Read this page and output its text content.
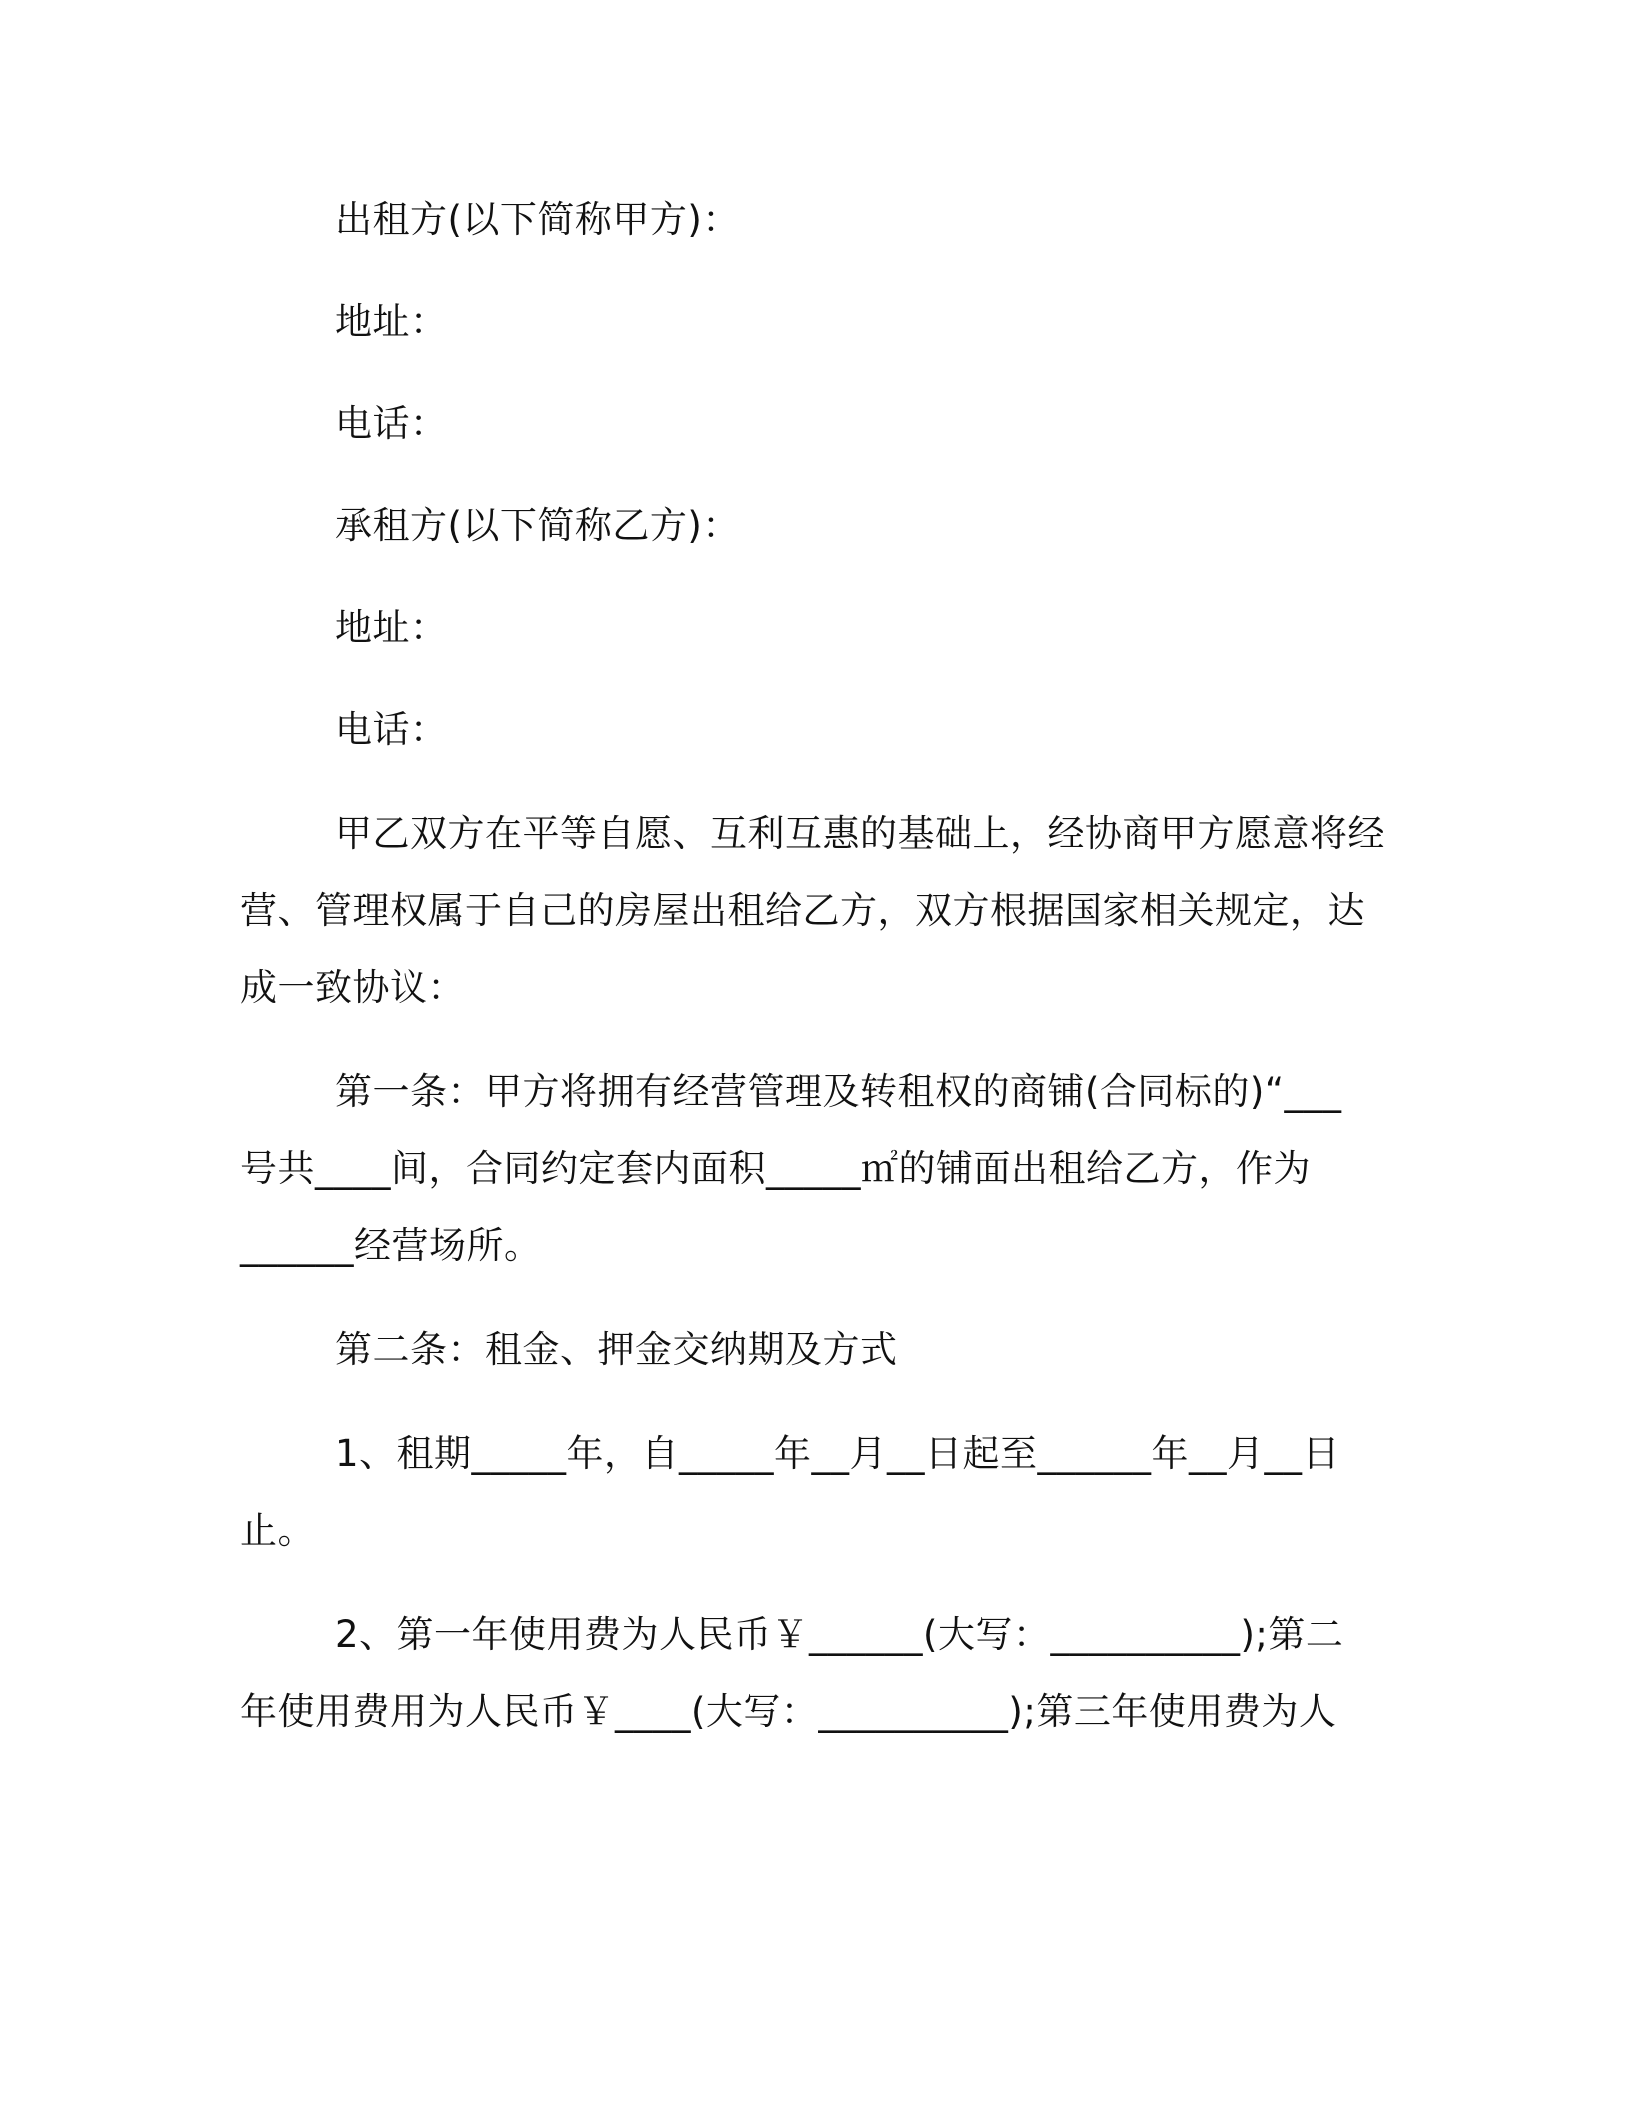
出租方(以下简称甲方)：
地址：
电话：
承租方(以下简称乙方)：
地址：
电话：
甲乙双方在平等自愿、互利互惠的基础上，经协商甲方愿意将经
营、管理权属于自己的房屋出租给乙方，双方根据国家相关规定，达
成一致协议：
第一条：甲方将拥有经营管理及转租权的商铺(合同标的)“___
号共____间，合同约定套内面积_____㎡的铺面出租给乙方，作为
______经营场所。
第二条：租金、押金交纳期及方式
1、租期_____年，自_____年__月__日起至______年__月__日
止。
2、第一年使用费为人民币￥______(大写：__________);第二
年使用费用为人民币￥____(大写：__________);第三年使用费为人
